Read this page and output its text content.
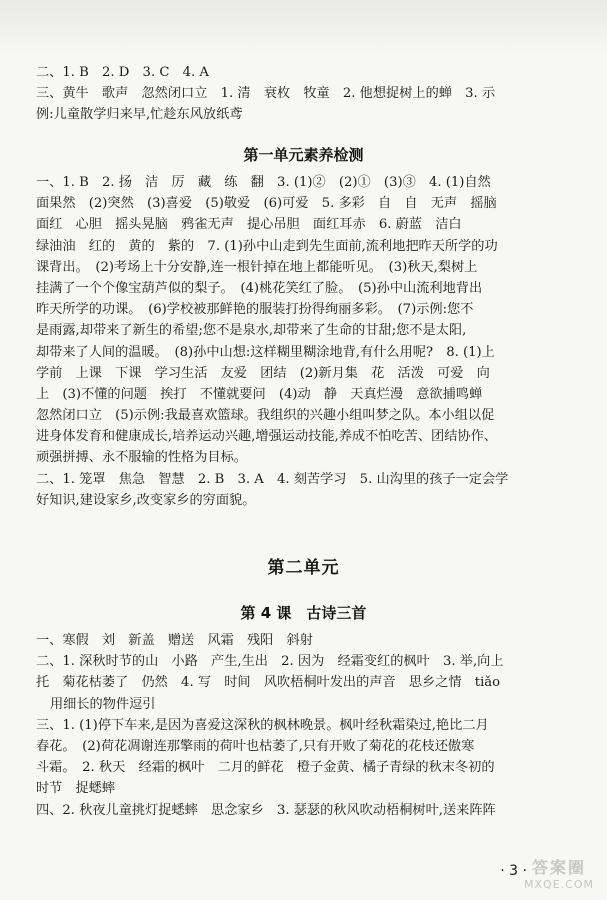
二、1. B　2. D　3. C　4. A
三、黄牛　歌声　忽然闭口立　1. 清　衰枚　牧童　2. 他想捉树上的蝉　3. 示
例:儿童散学归来早,忙趁东风放纸鸢
第一单元素养检测
一、1. B　2. 扬　洁　厉　藏　练　翻　3. (1)②　(2)①　(3)③　4. (1)自然
面果然　(2)突然　(3)喜爱　(5)敬爱　(6)可爱　5. 多彩　自　自　无声　摇脑
面红　心胆　摇头晃脑　鸦雀无声　提心吊胆　面红耳赤　6. 蔚蓝　洁白
绿油油　红的　黄的　紫的　7. (1)孙中山走到先生面前,流利地把昨天所学的功
课背出。　(2)考场上十分安静,连一根针掉在地上都能听见。　(3)秋天,梨树上
挂满了一个个像宝葫芦似的梨子。　(4)桃花笑红了脸。　(5)孙中山流利地背出
昨天所学的功课。　(6)学校被那鲜艳的服装打扮得绚丽多彩。　(7)示例:您不
是雨露,却带来了新生的希望;您不是泉水,却带来了生命的甘甜;您不是太阳,
却带来了人间的温暖。　(8)孙中山想:这样糊里糊涂地背,有什么用呢?　8. (1)上
学前　上课　下课　学习生活　友爱　团结　(2)新月集　花　活泼　可爱　向
上　(3)不懂的问题　挨打　不懂就要问　(4)动　静　天真烂漫　意欲捕鸣蝉
忽然闭口立　(5)示例:我最喜欢篮球。我组织的兴趣小组叫梦之队。本小组以促
进身体发育和健康成长,培养运动兴趣,增强运动技能,养成不怕吃苦、团结协作、
顽强拼搏、永不服输的性格为目标。
二、1. 笼罩　焦急　智慧　2. B　3. A　4. 刻苦学习　5. 山沟里的孩子一定会学
好知识,建设家乡,改变家乡的穷面貌。
第二单元
第 4 课　古诗三首
一、寒假　刘　新盖　赠送　风霜　残阳　斜射
二、1. 深秋时节的山　小路　产生,生出　2. 因为　经霜变红的枫叶　3. 举,向上
托　菊花枯萎了　仍然　4. 写　时间　风吹梧桐叶发出的声音　思乡之情　tiǎo
用细长的物件逗引
三、1. (1)停下车来,是因为喜爱这深秋的枫林晚景。枫叶经秋霜染过,艳比二月
春花。　(2)荷花凋谢连那擎雨的荷叶也枯萎了,只有开败了菊花的花枝还傲寒
斗霜。　2. 秋天　经霜的枫叶　二月的鲜花　橙子金黄、橘子青绿的秋末冬初的
时节　捉蟋蟀
四、2. 秋夜儿童挑灯捉蟋蟀　思念家乡　3. 瑟瑟的秋风吹动梧桐树叶,送来阵阵
· 3 · 答案圈
MXQE.COM
